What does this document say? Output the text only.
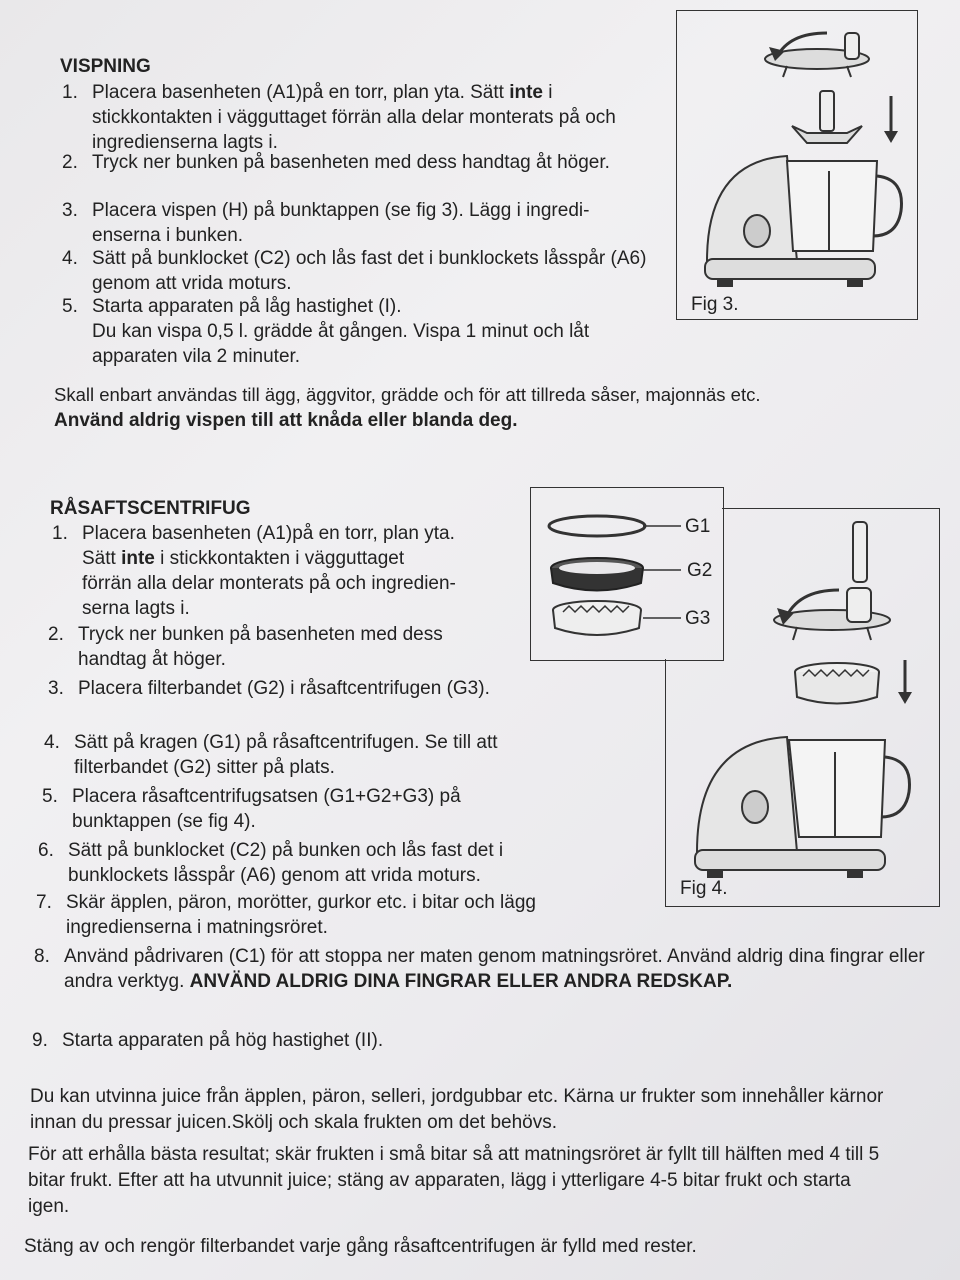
VISPNING
1. Placera basenheten (A1)på en torr, plan yta. Sätt inte i stickkontakten i vägguttaget förrän alla delar monterats på och ingredienserna lagts i.
2. Tryck ner bunken på basenheten med dess handtag åt höger.
3. Placera vispen (H) på bunktappen (se fig 3). Lägg i ingredi-enserna i bunken.
4. Sätt på bunklocket (C2) och lås fast det i bunklockets låsspår (A6) genom att vrida moturs.
5. Starta apparaten på låg hastighet (I).
Du kan vispa 0,5 l. grädde åt gången. Vispa 1 minut och låt apparaten vila 2 minuter.
Skall enbart användas till ägg, äggvitor, grädde och för att tillreda såser, majonnäs etc.
Använd aldrig vispen till att knåda eller blanda deg.
Fig 3.
RÅSAFTSCENTRIFUG
1. Placera basenheten (A1)på en torr, plan yta.
Sätt inte i stickkontakten i vägguttaget
förrän alla delar monterats på och ingredien-
serna lagts i.
2. Tryck ner bunken på basenheten med dess handtag åt höger.
3. Placera filterbandet (G2) i råsaftcentrifugen (G3).
4. Sätt på kragen (G1) på råsaftcentrifugen. Se till att filterbandet (G2) sitter på plats.
5. Placera råsaftcentrifugsatsen (G1+G2+G3) på bunktappen (se fig 4).
6. Sätt på bunklocket (C2) på bunken och lås fast det i bunklockets låsspår (A6) genom att vrida moturs.
7. Skär äpplen, päron, morötter, gurkor etc. i bitar och lägg ingredienserna i matningsröret.
8. Använd pådrivaren (C1) för att stoppa ner maten genom matningsröret. Använd aldrig dina fingrar eller andra verktyg. ANVÄND ALDRIG DINA FINGRAR ELLER ANDRA REDSKAP.
9. Starta apparaten på hög hastighet (II).
G1
G2
G3
Fig 4.
Du kan utvinna juice från äpplen, päron, selleri, jordgubbar etc. Kärna ur frukter som innehåller kärnor innan du pressar juicen.Skölj och skala frukten om det behövs.
För att erhålla bästa resultat; skär frukten i små bitar så att matningsröret är fyllt till hälften med 4 till 5 bitar frukt. Efter att ha utvunnit juice; stäng av apparaten, lägg i ytterligare 4-5 bitar frukt och starta igen.
Stäng av och rengör filterbandet varje gång råsaftcentrifugen är fylld med rester.
